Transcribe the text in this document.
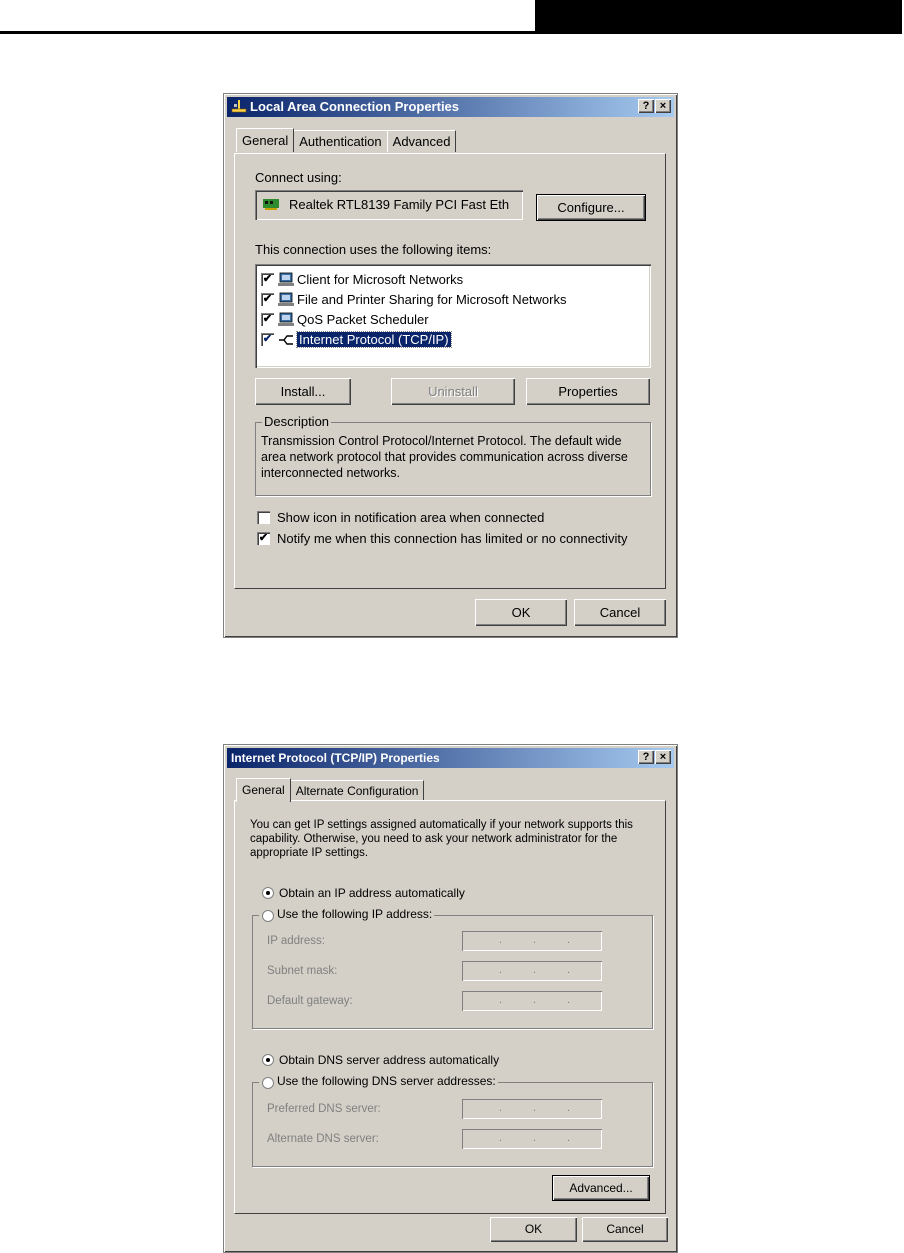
Local Area Connection Properties	? ×
General Authentication Advanced
Connect using:
Realtek RTL8139 Family PCI Fast Eth	Configure...
This connection uses the following items:
✔ Client for Microsoft Networks
✔ File and Printer Sharing for Microsoft Networks
✔ QoS Packet Scheduler
✔ Internet Protocol (TCP/IP)
Install...	Uninstall	Properties
Description
Transmission Control Protocol/Internet Protocol. The default wide area network protocol that provides communication across diverse interconnected networks.
Show icon in notification area when connected
✔ Notify me when this connection has limited or no connectivity
OK	Cancel
Internet Protocol (TCP/IP) Properties	? ×
General Alternate Configuration
You can get IP settings assigned automatically if your network supports this capability. Otherwise, you need to ask your network administrator for the appropriate IP settings.
Obtain an IP address automatically
Use the following IP address:
IP address:	.	.	.
Subnet mask:	.	.	.
Default gateway:	.	.	.
Obtain DNS server address automatically
Use the following DNS server addresses:
Preferred DNS server:	.	.	.
Alternate DNS server:	.	.	.
Advanced...
OK	Cancel
